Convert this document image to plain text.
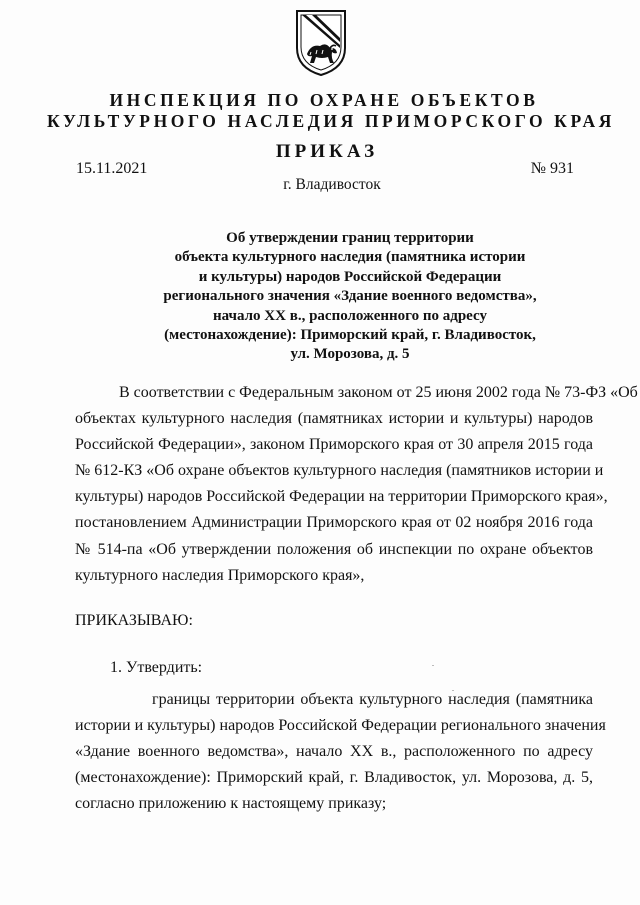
ИНСПЕКЦИЯ ПО ОХРАНЕ ОБЪЕКТОВ
КУЛЬТУРНОГО НАСЛЕДИЯ ПРИМОРСКОГО КРАЯ
ПРИКАЗ
15.11.2021	№ 931
г. Владивосток
Об утверждении границ территории
объекта культурного наследия (памятника истории
и культуры) народов Российской Федерации
регионального значения «Здание военного ведомства»,
начало XX в., расположенного по адресу
(местонахождение): Приморский край, г. Владивосток,
ул. Морозова, д. 5
В соответствии с Федеральным законом от 25 июня 2002 года № 73-ФЗ «Об
объектах культурного наследия (памятниках истории и культуры) народов
Российской Федерации», законом Приморского края от 30 апреля 2015 года
№ 612-КЗ «Об охране объектов культурного наследия (памятников истории и
культуры) народов Российской Федерации на территории Приморского края»,
постановлением Администрации Приморского края от 02 ноября 2016 года
№ 514-па «Об утверждении положения об инспекции по охране объектов
культурного наследия Приморского края»,
ПРИКАЗЫВАЮ:
1. Утвердить:
границы территории объекта культурного наследия (памятника
истории и культуры) народов Российской Федерации регионального значения
«Здание военного ведомства», начало XX в., расположенного по адресу
(местонахождение): Приморский край, г. Владивосток, ул. Морозова, д. 5,
согласно приложению к настоящему приказу;
